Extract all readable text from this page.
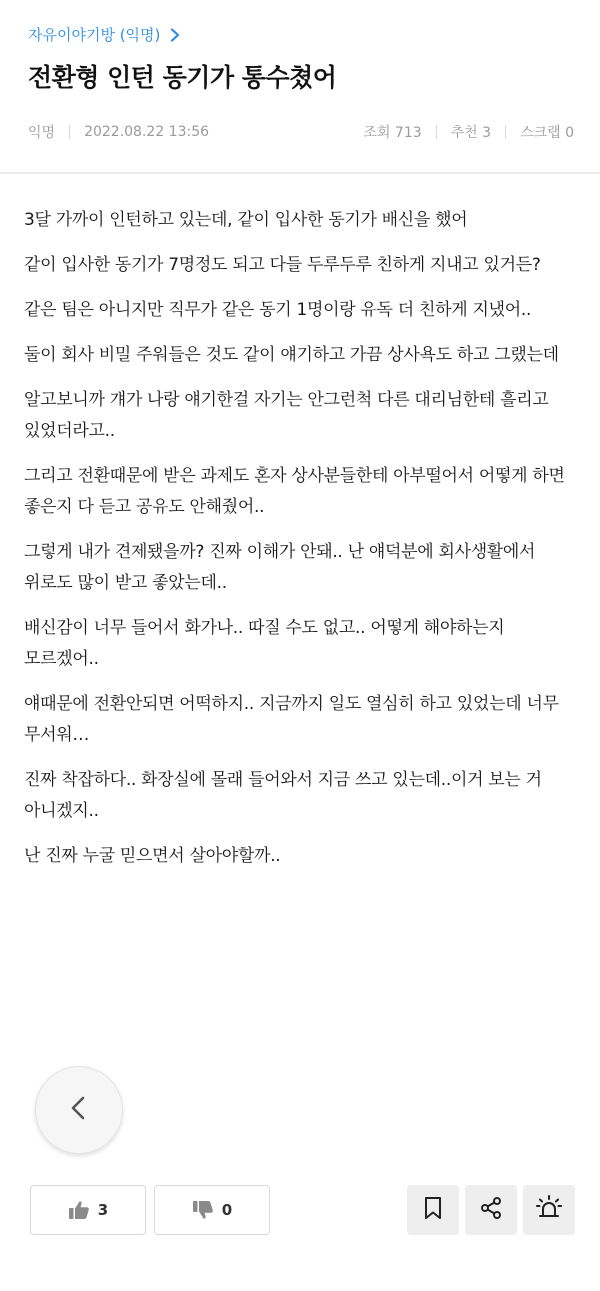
자유이야기방 (익명)
전환형 인턴 동기가 통수쳤어
익명 2022.08.22 13:56	조회 713 추천 3 스크랩 0

3달 가까이 인턴하고 있는데, 같이 입사한 동기가 배신을 했어

같이 입사한 동기가 7명정도 되고 다들 두루두루 친하게 지내고 있거든?

같은 팀은 아니지만 직무가 같은 동기 1명이랑 유독 더 친하게 지냈어..

둘이 회사 비밀 주워들은 것도 같이 얘기하고 가끔 상사욕도 하고 그랬는데

알고보니까 걔가 나랑 얘기한걸 자기는 안그런척 다른 대리님한테 흘리고 있었더라고..

그리고 전환때문에 받은 과제도 혼자 상사분들한테 아부떨어서 어떻게 하면 좋은지 다 듣고 공유도 안해줬어..

그렇게 내가 견제됐을까? 진짜 이해가 안돼.. 난 얘덕분에 회사생활에서 위로도 많이 받고 좋았는데..

배신감이 너무 들어서 화가나.. 따질 수도 없고.. 어떻게 해야하는지 모르겠어..

얘때문에 전환안되면 어떡하지.. 지금까지 일도 열심히 하고 있었는데 너무 무서워…

진짜 착잡하다.. 화장실에 몰래 들어와서 지금 쓰고 있는데..이거 보는 거 아니겠지..

난 진짜 누굴 믿으면서 살아야할까..

3	0
